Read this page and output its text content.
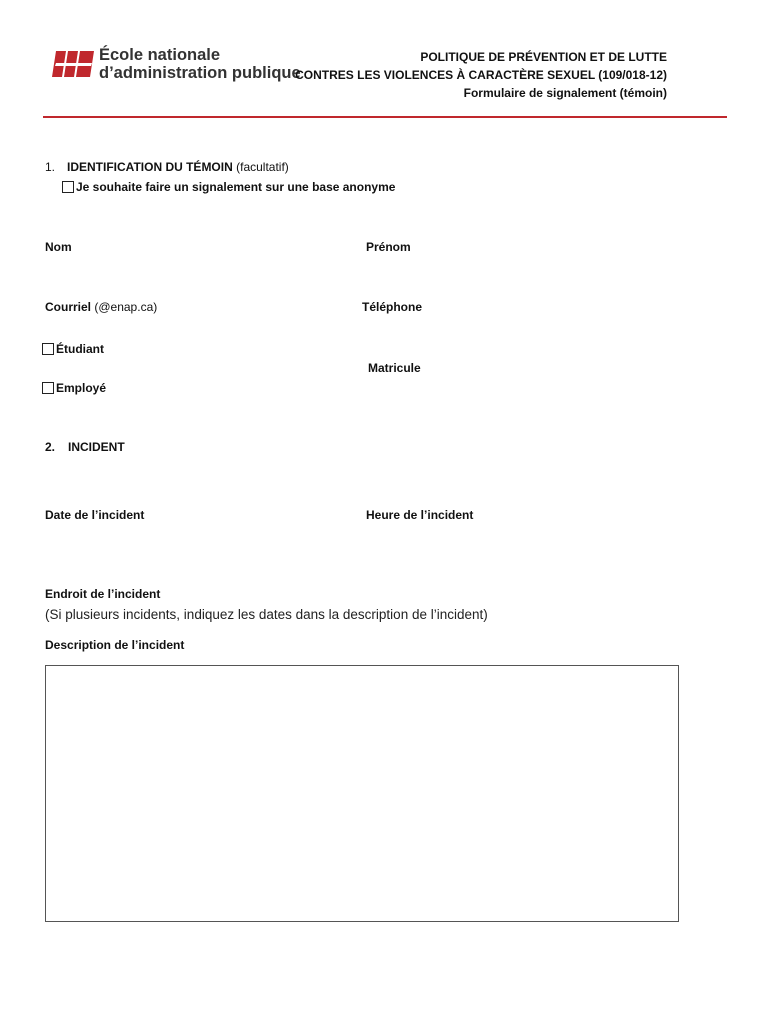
École nationale
d’administration publique
POLITIQUE DE PRÉVENTION ET DE LUTTE
CONTRES LES VIOLENCES À CARACTÈRE SEXUEL (109/018-12)
Formulaire de signalement (témoin)
1. IDENTIFICATION DU TÉMOIN (facultatif)
Je souhaite faire un signalement sur une base anonyme
Nom	Prénom
Courriel (@enap.ca)	Téléphone
Étudiant
Employé
Matricule
2. INCIDENT
Date de l’incident	Heure de l’incident
Endroit de l’incident
(Si plusieurs incidents, indiquez les dates dans la description de l’incident)
Description de l’incident
